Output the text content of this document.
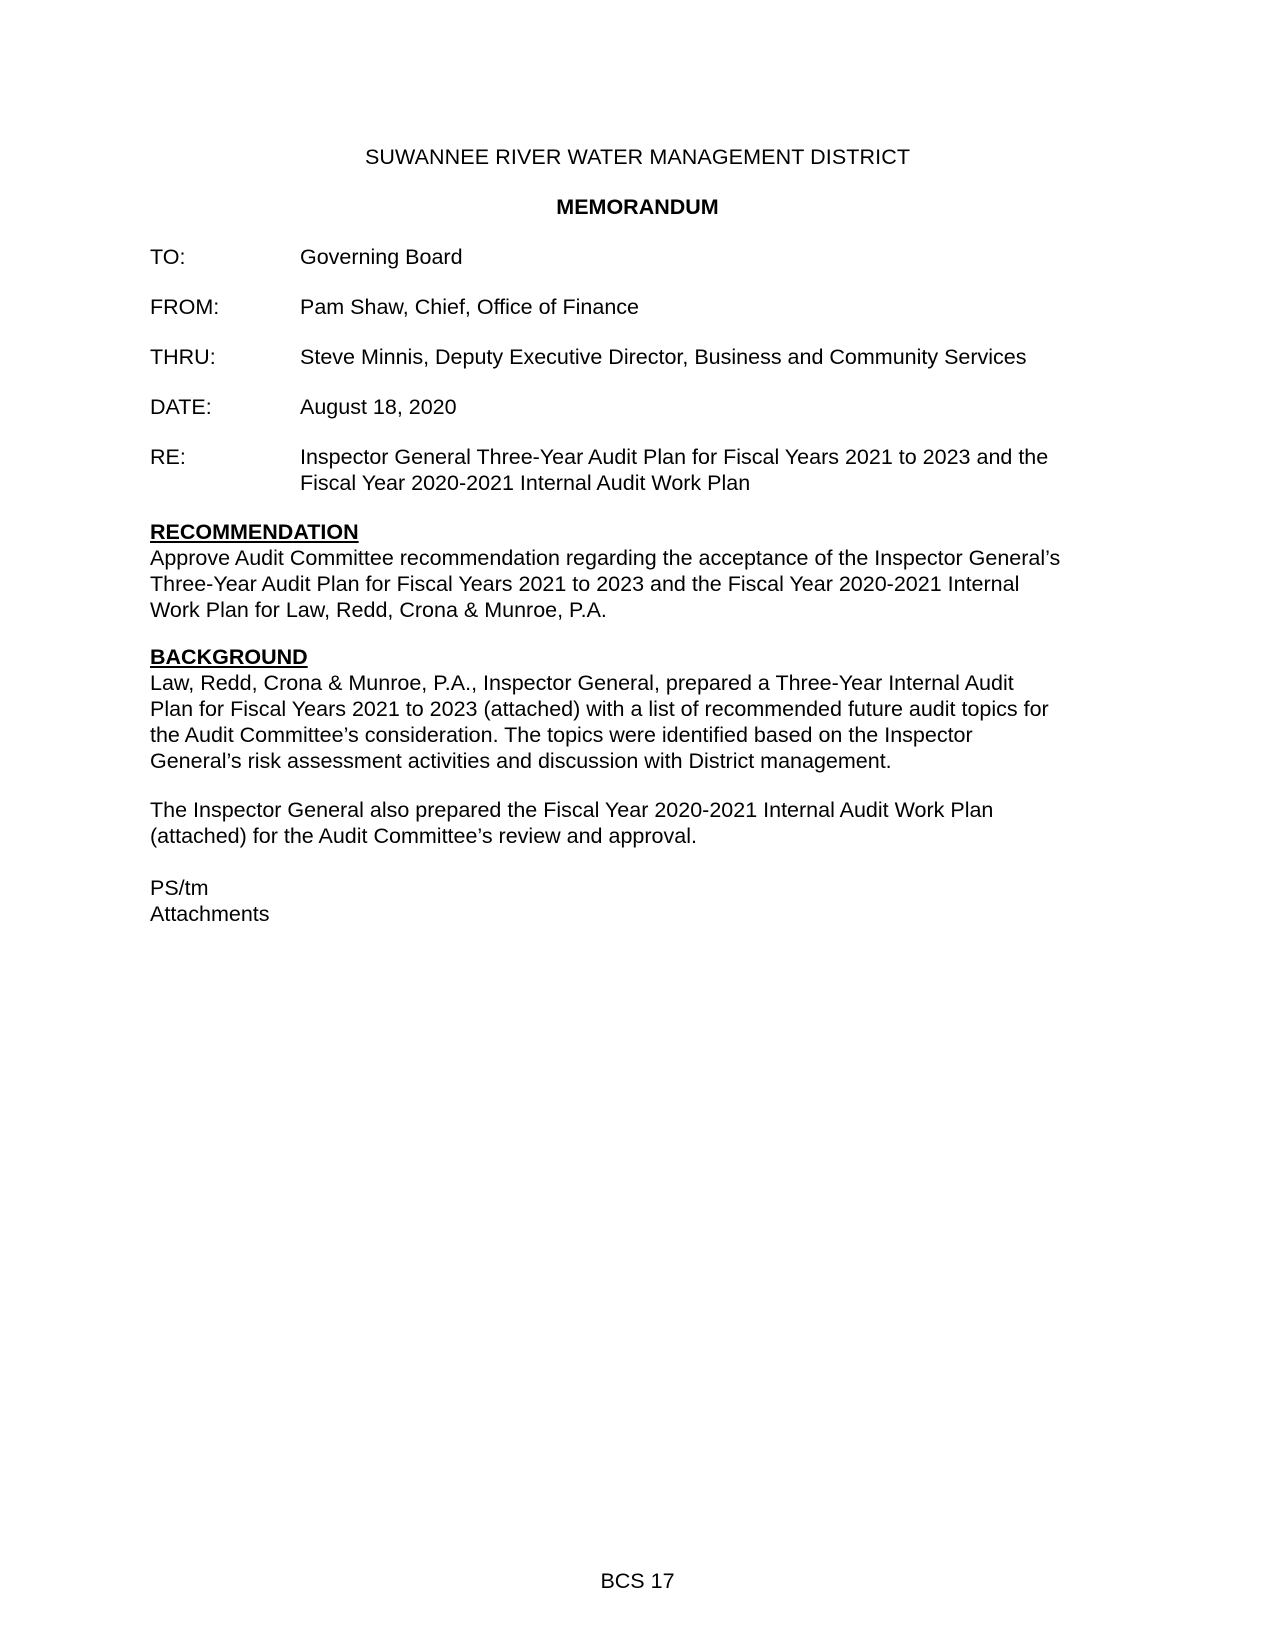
SUWANNEE RIVER WATER MANAGEMENT DISTRICT
MEMORANDUM
TO:	Governing Board
FROM:	Pam Shaw, Chief, Office of Finance
THRU:	Steve Minnis, Deputy Executive Director, Business and Community Services
DATE:	August 18, 2020
RE:	Inspector General Three-Year Audit Plan for Fiscal Years 2021 to 2023 and the
Fiscal Year 2020-2021 Internal Audit Work Plan
RECOMMENDATION

Approve Audit Committee recommendation regarding the acceptance of the Inspector General’s
Three-Year Audit Plan for Fiscal Years 2021 to 2023 and the Fiscal Year 2020-2021 Internal
Work Plan for Law, Redd, Crona & Munroe, P.A.

BACKGROUND

Law, Redd, Crona & Munroe, P.A., Inspector General, prepared a Three-Year Internal Audit
Plan for Fiscal Years 2021 to 2023 (attached) with a list of recommended future audit topics for
the Audit Committee’s consideration. The topics were identified based on the Inspector
General’s risk assessment activities and discussion with District management.

The Inspector General also prepared the Fiscal Year 2020-2021 Internal Audit Work Plan
(attached) for the Audit Committee’s review and approval.

PS/tm
Attachments
BCS 17
